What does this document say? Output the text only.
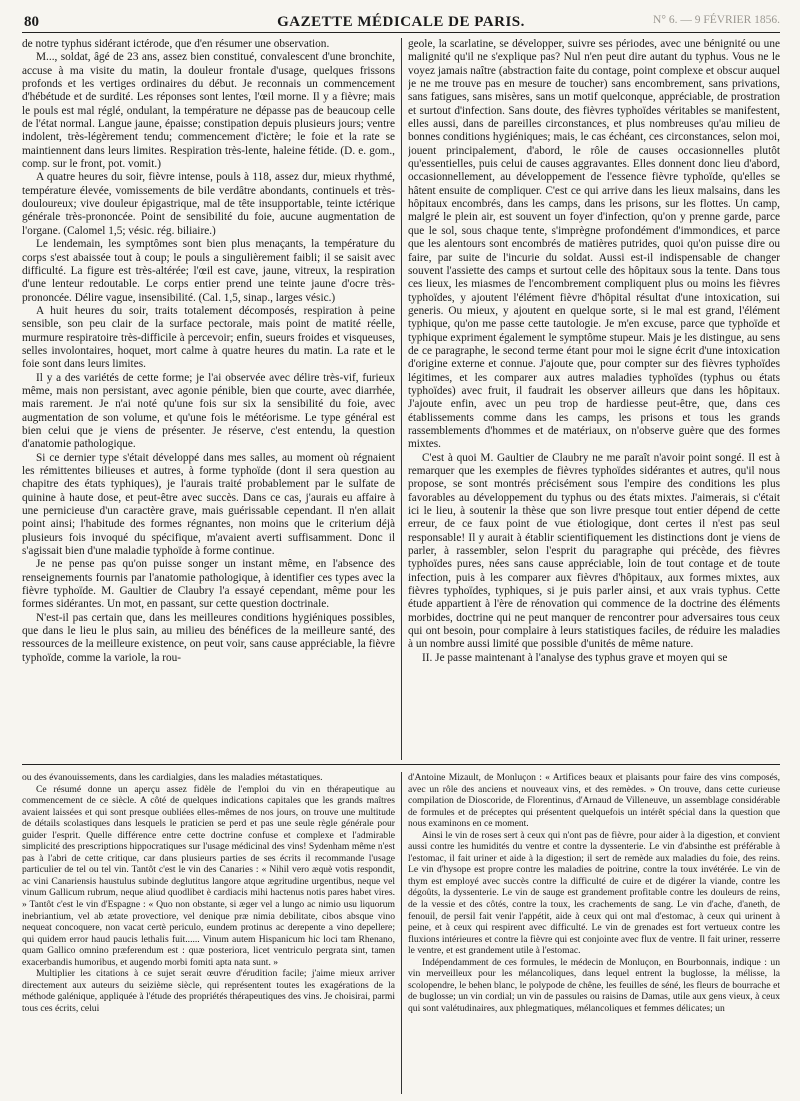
80	GAZETTE MÉDICALE DE PARIS.	N° 6. — 9 FÉVRIER 1856.

de notre typhus sidérant ictérode, que d'en résumer une observation.

M..., soldat, âgé de 23 ans, assez bien constitué, convalescent d'une bronchite, accuse à ma visite du matin, la douleur frontale d'usage, quelques frissons profonds et les vertiges ordinaires du début. Je reconnais un commencement d'hébétude et de surdité. Les réponses sont lentes, l'œil morne. Il y a fièvre; mais le pouls est mal réglé, ondulant, la température ne dépasse pas de beaucoup celle de l'état normal. Langue jaune, épaisse; constipation depuis plusieurs jours; ventre indolent, très-légèrement tendu; commencement d'ictère; le foie et la rate se maintiennent dans leurs limites. Respiration très-lente, haleine fétide. (D. e. gom., comp. sur le front, pot. vomit.)

A quatre heures du soir, fièvre intense, pouls à 118, assez dur, mieux rhythmé, température élevée, vomissements de bile verdâtre abondants, continuels et très-douloureux; vive douleur épigastrique, mal de tête insupportable, teinte ictérique générale très-prononcée. Point de sensibilité du foie, aucune augmentation de l'organe. (Calomel 1,5; vésic. rég. biliaire.)

Le lendemain, les symptômes sont bien plus menaçants, la température du corps s'est abaissée tout à coup; le pouls a singulièrement faibli; il se saisit avec difficulté. La figure est très-altérée; l'œil est cave, jaune, vitreux, la respiration d'une lenteur redoutable. Le corps entier prend une teinte jaune d'ocre très-prononcée. Délire vague, insensibilité. (Cal. 1,5, sinap., larges vésic.)

A huit heures du soir, traits totalement décomposés, respiration à peine sensible, son peu clair de la surface pectorale, mais point de matité réelle, murmure respiratoire très-difficile à percevoir; enfin, sueurs froides et visqueuses, selles involontaires, hoquet, mort calme à quatre heures du matin. La rate et le foie sont dans leurs limites.

Il y a des variétés de cette forme; je l'ai observée avec délire très-vif, furieux même, mais non persistant, avec agonie pénible, bien que courte, avec diarrhée, mais rarement. Je n'ai noté qu'une fois sur six la sensibilité du foie, avec augmentation de son volume, et qu'une fois le météorisme. Le type général est bien celui que je viens de présenter. Je réserve, c'est entendu, la question d'anatomie pathologique.

Si ce dernier type s'était développé dans mes salles, au moment où régnaient les rémittentes bilieuses et autres, à forme typhoïde (dont il sera question au chapitre des états typhiques), je l'aurais traité probablement par le sulfate de quinine à haute dose, et peut-être avec succès. Dans ce cas, j'aurais eu affaire à une pernicieuse d'un caractère grave, mais guérissable cependant. Il n'en allait point ainsi; l'habitude des formes régnantes, non moins que le criterium déjà plusieurs fois invoqué du spécifique, m'avaient averti suffisamment. Donc il s'agissait bien d'une maladie typhoïde à forme continue.

Je ne pense pas qu'on puisse songer un instant même, en l'absence des renseignements fournis par l'anatomie pathologique, à identifier ces types avec la fièvre typhoïde. M. Gaultier de Claubry l'a essayé cependant, même pour les formes sidérantes. Un mot, en passant, sur cette question doctrinale.

N'est-il pas certain que, dans les meilleures conditions hygiéniques possibles, que dans le lieu le plus sain, au milieu des bénéfices de la meilleure santé, des ressources de la meilleure existence, on peut voir, sans cause appréciable, la fièvre typhoïde, comme la variole, la rou-

geole, la scarlatine, se développer, suivre ses périodes, avec une bénignité ou une malignité qu'il ne s'explique pas? Nul n'en peut dire autant du typhus. Vous ne le voyez jamais naître (abstraction faite du contage, point complexe et obscur auquel je ne me trouve pas en mesure de toucher) sans encombrement, sans privations, sans fatigues, sans misères, sans un motif quelconque, appréciable, de prostration et surtout d'infection. Sans doute, des fièvres typhoïdes véritables se manifestent, elles aussi, dans de pareilles circonstances, et plus nombreuses qu'au milieu de bonnes conditions hygiéniques; mais, le cas échéant, ces circonstances, selon moi, jouent principalement, d'abord, le rôle de causes occasionnelles plutôt qu'essentielles, puis celui de causes aggravantes. Elles donnent donc lieu d'abord, occasionnellement, au développement de l'essence fièvre typhoïde, qu'elles se hâtent ensuite de compliquer. C'est ce qui arrive dans les lieux malsains, dans les hôpitaux encombrés, dans les camps, dans les prisons, sur les flottes. Un camp, malgré le plein air, est souvent un foyer d'infection, qu'on y prenne garde, parce que le sol, sous chaque tente, s'imprègne profondément d'immondices, et parce que les alentours sont encombrés de matières putrides, quoi qu'on puisse dire ou faire, par suite de l'incurie du soldat. Aussi est-il indispensable de changer souvent l'assiette des camps et surtout celle des hôpitaux sous la tente. Dans tous ces lieux, les miasmes de l'encombrement compliquent plus ou moins les fièvres typhoïdes, y ajoutent l'élément fièvre d'hôpital résultat d'une intoxication, sui generis. Ou mieux, y ajoutent en quelque sorte, si le mal est grand, l'élément typhique, qu'on me passe cette tautologie. Je m'en excuse, parce que typhoïde et typhique expriment également le symptôme stupeur. Mais je les distingue, au sens de ce paragraphe, le second terme étant pour moi le signe écrit d'une intoxication d'origine externe et connue. J'ajoute que, pour compter sur des fièvres typhoïdes légitimes, et les comparer aux autres maladies typhoïdes (typhus ou états typhoïdes) avec fruit, il faudrait les observer ailleurs que dans les hôpitaux. J'ajoute enfin, avec un peu trop de hardiesse peut-être, que, dans ces établissements comme dans les camps, les prisons et tous les grands rassemblements d'hommes et de matériaux, on n'observe guère que des formes mixtes.

C'est à quoi M. Gaultier de Claubry ne me paraît n'avoir point songé. Il est à remarquer que les exemples de fièvres typhoïdes sidérantes et autres, qu'il nous propose, se sont montrés précisément sous l'empire des conditions les plus favorables au développement du typhus ou des états mixtes. J'aimerais, si c'était ici le lieu, à soutenir la thèse que son livre presque tout entier dépend de cette erreur, de ce faux point de vue étiologique, dont certes il n'est pas seul responsable! Il y aurait à établir scientifiquement les distinctions dont je viens de parler, à rassembler, selon l'esprit du paragraphe qui précède, des fièvres typhoïdes pures, nées sans cause appréciable, loin de tout contage et de toute infection, puis à les comparer aux fièvres d'hôpitaux, aux formes mixtes, aux fièvres typhoïdes, typhiques, si je puis parler ainsi, et aux vrais typhus. Cette étude appartient à l'ère de rénovation qui commence de la doctrine des éléments morbides, doctrine qui ne peut manquer de rencontrer pour adversaires tous ceux qui ont besoin, pour complaire à leurs statistiques faciles, de réduire les maladies à un nombre aussi limité que possible d'unités de même nature.

II. Je passe maintenant à l'analyse des typhus grave et moyen qui se

ou des évanouissements, dans les cardialgies, dans les maladies métastatiques.

Ce résumé donne un aperçu assez fidèle de l'emploi du vin en thérapeutique au commencement de ce siècle. A côté de quelques indications capitales que les grands maîtres avaient laissées et qui sont presque oubliées elles-mêmes de nos jours, on trouve une multitude de détails scolastiques dans lesquels le praticien se perd et pas une seule règle générale pour guider l'esprit. Quelle différence entre cette doctrine confuse et complexe et l'admirable simplicité des prescriptions hippocratiques sur l'usage médicinal des vins! Sydenham même n'est pas à l'abri de cette critique, car dans plusieurs parties de ses écrits il recommande l'usage particulier de tel ou tel vin. Tantôt c'est le vin des Canaries : « Nihil vero æquè votis respondit, ac vini Canariensis haustulus subinde deglutitus langore atque ægritudine urgentibus, neque vel vinum Gallicum rubrum, neque aliud quodlibet è cardiacis mihi hactenus notis pares habet vires. » Tantôt c'est le vin d'Espagne : « Quo non obstante, si æger vel a lungo ac nimio usu liquorum inebriantium, vel ab ætate provectiore, vel denique præ nimia debilitate, cibos absque vino nequeat concoquere, non vacat certè periculo, eundem protinus ac derepente a vino depellere; qui quidem error haud paucis lethalis fuit...... Vinum autem Hispanicum hic loci tam Rhenano, quam Gallico omnino præferendum est : quæ posteriora, licet ventriculo pergrata sint, tamen exacerbandis humoribus, et augendo morbi fomiti apta nata sunt. »

Multiplier les citations à ce sujet serait œuvre d'érudition facile; j'aime mieux arriver directement aux auteurs du seizième siècle, qui représentent toutes les exagérations de la méthode galénique, appliquée à l'étude des propriétés thérapeutiques des vins. Je choisirai, parmi tous ces écrits, celui

d'Antoine Mizault, de Monluçon : « Artifices beaux et plaisants pour faire des vins composés, avec un rôle des anciens et nouveaux vins, et des remèdes. » On trouve, dans cette curieuse compilation de Dioscoride, de Florentinus, d'Arnaud de Villeneuve, un assemblage considérable de formules et de préceptes qui présentent quelquefois un intérêt spécial dans la question que nous examinons en ce moment.

Ainsi le vin de roses sert à ceux qui n'ont pas de fièvre, pour aider à la digestion, et convient aussi contre les humidités du ventre et contre la dyssenterie. Le vin d'absinthe est préférable à l'estomac, il fait uriner et aide à la digestion; il sert de remède aux maladies du foie, des reins. Le vin d'hysope est propre contre les maladies de poitrine, contre la toux invétérée. Le vin de thym est employé avec succès contre la difficulté de cuire et de digérer la viande, contre les dégoûts, la dyssenterie. Le vin de sauge est grandement profitable contre les douleurs de reins, de la vessie et des côtés, contre la toux, les crachements de sang. Le vin d'ache, d'aneth, de fenouil, de persil fait venir l'appétit, aide à ceux qui ont mal d'estomac, à ceux qui urinent à peine, et à ceux qui respirent avec difficulté. Le vin de grenades est fort vertueux contre les fluxions intérieures et contre la fièvre qui est conjointe avec flux de ventre. Il fait uriner, resserre le ventre, et est grandement utile à l'estomac.

Indépendamment de ces formules, le médecin de Monluçon, en Bourbonnais, indique : un vin merveilleux pour les mélancoliques, dans lequel entrent la buglosse, la mélisse, la scolopendre, le behen blanc, le polypode de chêne, les feuilles de séné, les fleurs de bourrache et de buglosse; un vin cordial; un vin de passules ou raisins de Damas, utile aux gens vieux, à ceux qui sont valétudinaires, aux phlegmatiques, mélancoliques et femmes délicates; un
